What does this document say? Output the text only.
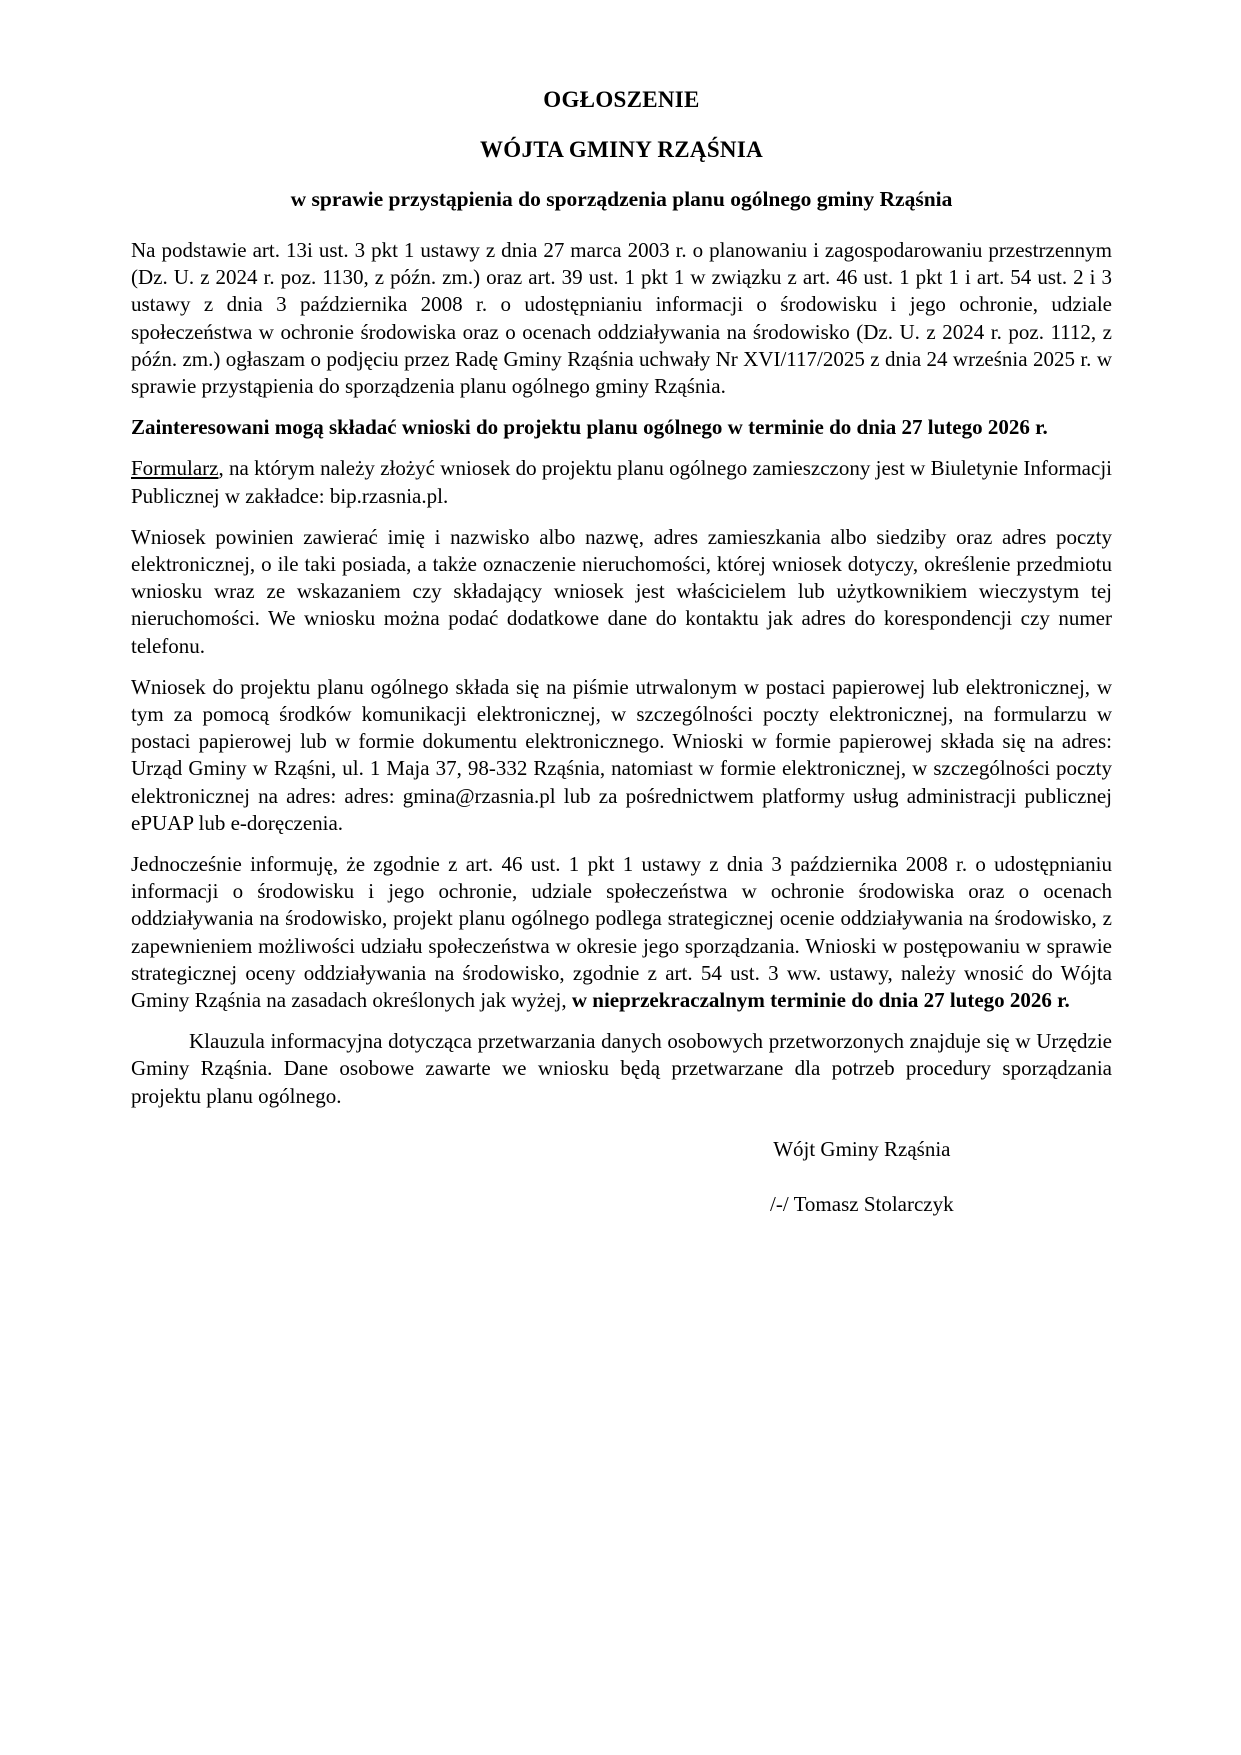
OGŁOSZENIE
WÓJTA GMINY RZĄŚNIA
w sprawie przystąpienia do sporządzenia planu ogólnego gminy Rząśnia

Na podstawie art. 13i ust. 3 pkt 1 ustawy z dnia 27 marca 2003 r. o planowaniu i zagospodarowaniu przestrzennym (Dz. U. z 2024 r. poz. 1130, z późn. zm.) oraz art. 39 ust. 1 pkt 1 w związku z art. 46 ust. 1 pkt 1 i art. 54 ust. 2 i 3 ustawy z dnia 3 października 2008 r. o udostępnianiu informacji o środowisku i jego ochronie, udziale społeczeństwa w ochronie środowiska oraz o ocenach oddziaływania na środowisko (Dz. U. z 2024 r. poz. 1112, z późn. zm.) ogłaszam o podjęciu przez Radę Gminy Rząśnia uchwały Nr XVI/117/2025 z dnia 24 września 2025 r. w sprawie przystąpienia do sporządzenia planu ogólnego gminy Rząśnia.

Zainteresowani mogą składać wnioski do projektu planu ogólnego w terminie do dnia 27 lutego 2026 r.

Formularz, na którym należy złożyć wniosek do projektu planu ogólnego zamieszczony jest w Biuletynie Informacji Publicznej w zakładce: bip.rzasnia.pl.

Wniosek powinien zawierać imię i nazwisko albo nazwę, adres zamieszkania albo siedziby oraz adres poczty elektronicznej, o ile taki posiada, a także oznaczenie nieruchomości, której wniosek dotyczy, określenie przedmiotu wniosku wraz ze wskazaniem czy składający wniosek jest właścicielem lub użytkownikiem wieczystym tej nieruchomości. We wniosku można podać dodatkowe dane do kontaktu jak adres do korespondencji czy numer telefonu.

Wniosek do projektu planu ogólnego składa się na piśmie utrwalonym w postaci papierowej lub elektronicznej, w tym za pomocą środków komunikacji elektronicznej, w szczególności poczty elektronicznej, na formularzu w postaci papierowej lub w formie dokumentu elektronicznego. Wnioski w formie papierowej składa się na adres: Urząd Gminy w Rząśni, ul. 1 Maja 37, 98-332 Rząśnia, natomiast w formie elektronicznej, w szczególności poczty elektronicznej na adres: adres: gmina@rzasnia.pl lub za pośrednictwem platformy usług administracji publicznej ePUAP lub e-doręczenia.

Jednocześnie informuję, że zgodnie z art. 46 ust. 1 pkt 1 ustawy z dnia 3 października 2008 r. o udostępnianiu informacji o środowisku i jego ochronie, udziale społeczeństwa w ochronie środowiska oraz o ocenach oddziaływania na środowisko, projekt planu ogólnego podlega strategicznej ocenie oddziaływania na środowisko, z zapewnieniem możliwości udziału społeczeństwa w okresie jego sporządzania. Wnioski w postępowaniu w sprawie strategicznej oceny oddziaływania na środowisko, zgodnie z art. 54 ust. 3 ww. ustawy, należy wnosić do Wójta Gminy Rząśnia na zasadach określonych jak wyżej, w nieprzekraczalnym terminie do dnia 27 lutego 2026 r.

Klauzula informacyjna dotycząca przetwarzania danych osobowych przetworzonych znajduje się w Urzędzie Gminy Rząśnia. Dane osobowe zawarte we wniosku będą przetwarzane dla potrzeb procedury sporządzania projektu planu ogólnego.

Wójt Gminy Rząśnia

/-/ Tomasz Stolarczyk
